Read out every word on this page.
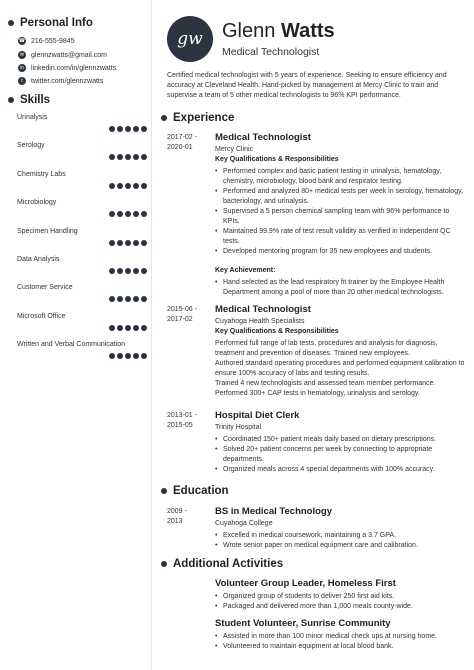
Personal Info
☎ 216-555-9845
✉ glennzwatts@gmail.com
in linkedin.com/in/glennzwatts
t	twitter.com/glennzwatts
Skills
Urinalysis
Serology
Chemistry Labs
Microbiology
Specimen Handling
Data Analysis
Customer Service
Microsoft Office
Written and Verbal Communication
gw Glenn Watts
Medical Technologist
Certified medical technologist with 5 years of experience. Seeking to ensure efficiency and accuracy at Cleveland Health. Hand-picked by management at Mercy Clinic to train and supervise a team of 5 other medical technologists to 96% KPI performance.
Experience
2017-02 -
2020-01
Medical Technologist
Mercy Clinic
Key Qualifications & Responsibilities
• Performed complex and basic patient testing in urinalysis, hematology, chemistry, microbiology, blood bank and respirator testing.
• Performed and analyzed 80+ medical tests per week in serology, hematology, bacteriology, and urinalysis.
• Supervised a 5 person chemical sampling team with 96% performance to KPIs.
• Maintained 99.9% rate of test result validity as verified in independent QC tests.
• Developed mentoring program for 35 new employees and students.
Key Achievement:
• Hand selected as the lead respiratory fit trainer by the Employee Health Department among a pool of more than 20 other medical technologists.
2015-06 -
2017-02
Medical Technologist
Cuyahoga Health Specialists
Key Qualifications & Responsibilities
Performed full range of lab tests, procedures and analysis for diagnosis, treatment and prevention of diseases. Trained new employees.
Authored standard operating procedures and performed equipment calibration to ensure 100% accuracy of labs and testing results.
Trained 4 new technologists and assessed team member performance.
Performed 300+ CAP tests in hematology, urinalysis and serology.
2013-01 -
2015-05
Hospital Diet Clerk
Trinity Hospital
• Coordinated 150+ patient meals daily based on dietary prescriptions.
• Solved 20+ patient concerns per week by connecting to appropriate departments.
• Organized meals across 4 special departments with 100% accuracy.
Education
2009 -
2013
BS in Medical Technology
Cuyahoga College
• Excelled in medical coursework, maintaining a 3.7 GPA.
• Wrote senior paper on medical equipment care and calibration.
Additional Activities
Volunteer Group Leader, Homeless First
• Organized group of students to deliver 250 first aid kits.
• Packaged and delivered more than 1,000 meals county-wide.
Student Volunteer, Sunrise Community
• Assisted in more than 100 minor medical check ups at nursing home.
• Volunteered to maintain equipment at local blood bank.
